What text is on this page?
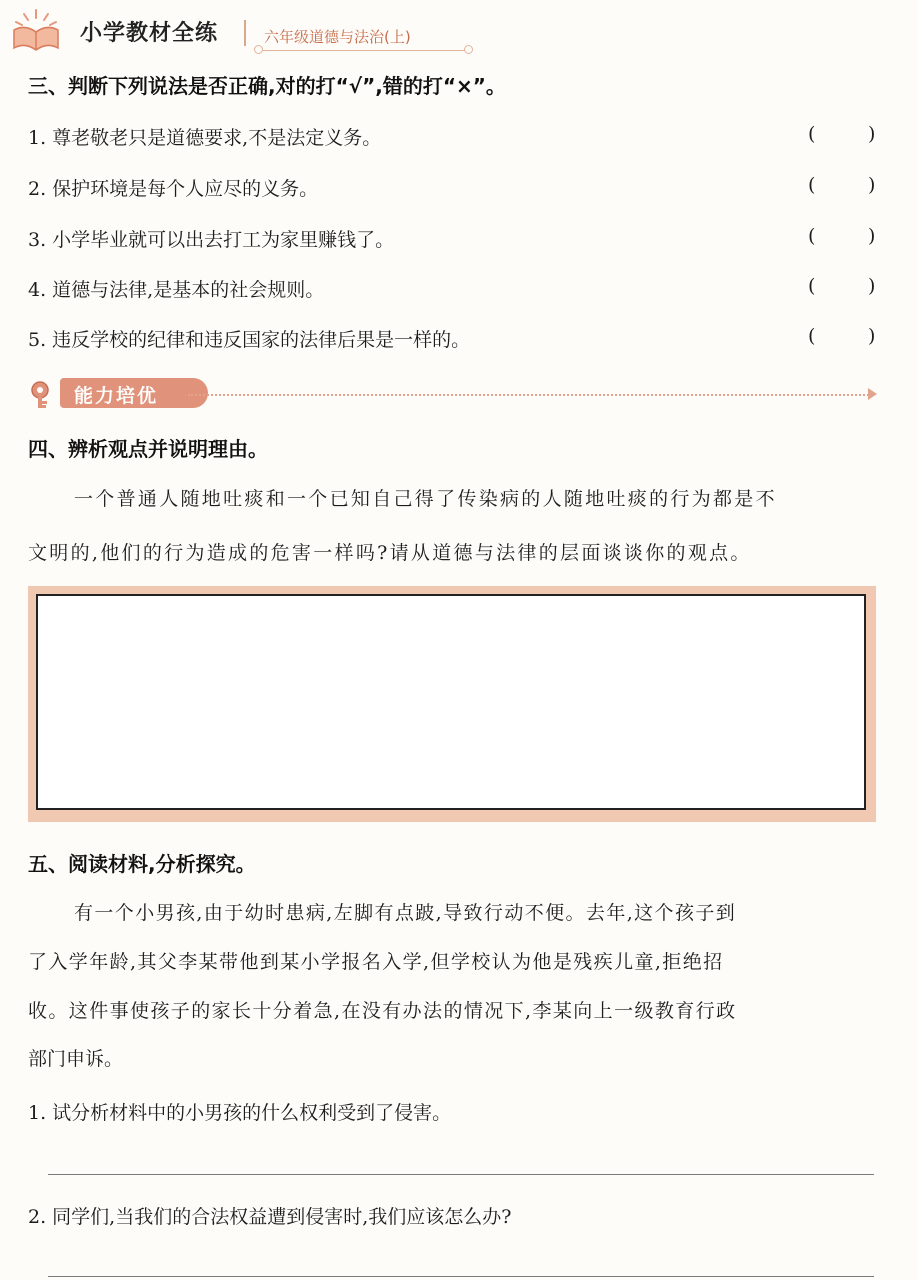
小学教材全练	六年级道德与法治(上)
三、判断下列说法是否正确,对的打“√”,错的打“×”。
1. 尊老敬老只是道德要求,不是法定义务。	(	)
2. 保护环境是每个人应尽的义务。	(	)
3. 小学毕业就可以出去打工为家里赚钱了。	(	)
4. 道德与法律,是基本的社会规则。	(	)
5. 违反学校的纪律和违反国家的法律后果是一样的。	(	)
能力培优
四、辨析观点并说明理由。
一个普通人随地吐痰和一个已知自己得了传染病的人随地吐痰的行为都是不
文明的,他们的行为造成的危害一样吗?请从道德与法律的层面谈谈你的观点。
五、阅读材料,分析探究。
有一个小男孩,由于幼时患病,左脚有点跛,导致行动不便。去年,这个孩子到
了入学年龄,其父李某带他到某小学报名入学,但学校认为他是残疾儿童,拒绝招
收。这件事使孩子的家长十分着急,在没有办法的情况下,李某向上一级教育行政
部门申诉。
1. 试分析材料中的小男孩的什么权利受到了侵害。
2. 同学们,当我们的合法权益遭到侵害时,我们应该怎么办?
